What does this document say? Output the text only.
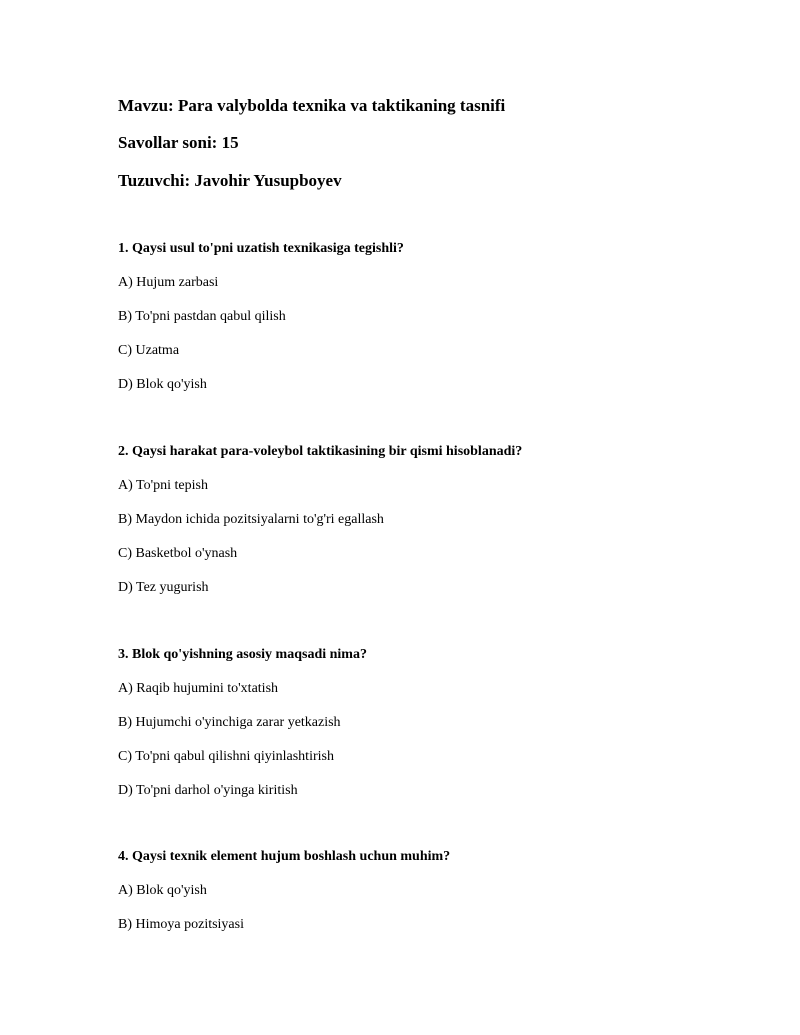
Mavzu: Para valybolda texnika va taktikaning tasnifi
Savollar soni: 15
Tuzuvchi: Javohir Yusupboyev
1. Qaysi usul to'pni uzatish texnikasiga tegishli?
A) Hujum zarbasi
B) To'pni pastdan qabul qilish
C) Uzatma
D) Blok qo'yish
2. Qaysi harakat para-voleybol taktikasining bir qismi hisoblanadi?
A) To'pni tepish
B) Maydon ichida pozitsiyalarni to'g'ri egallash
C) Basketbol o'ynash
D) Tez yugurish
3. Blok qo'yishning asosiy maqsadi nima?
A) Raqib hujumini to'xtatish
B) Hujumchi o'yinchiga zarar yetkazish
C) To'pni qabul qilishni qiyinlashtirish
D) To'pni darhol o'yinga kiritish
4. Qaysi texnik element hujum boshlash uchun muhim?
A) Blok qo'yish
B) Himoya pozitsiyasi
